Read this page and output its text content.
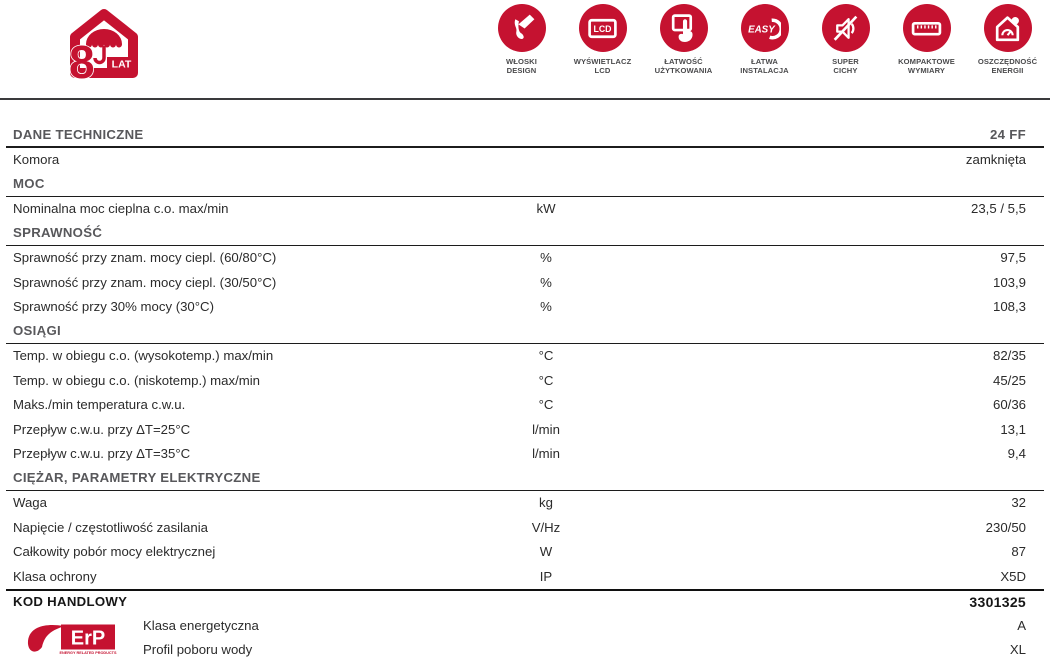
8 LAT	WŁOSKI
DESIGN
LCD
WYŚWIETLACZ
LCD
ŁATWOŚĆ
UŻYTKOWANIA
EASY
ŁATWA
INSTALACJA
SUPER
CICHY
KOMPAKTOWE
WYMIARY
OSZCZĘDNOŚĆ
ENERGII
DANE TECHNICZNE	24 FF
Komora	zamknięta
MOC
Nominalna moc cieplna c.o. max/min	kW	23,5 / 5,5
SPRAWNOŚĆ
Sprawność przy znam. mocy ciepl. (60/80°C)	%	97,5
Sprawność przy znam. mocy ciepl. (30/50°C)	%	103,9
Sprawność przy 30% mocy (30°C)	%	108,3
OSIĄGI
Temp. w obiegu c.o. (wysokotemp.) max/min	°C	82/35
Temp. w obiegu c.o. (niskotemp.) max/min	°C	45/25
Maks./min temperatura c.w.u.	°C	60/36
Przepływ c.w.u. przy ΔT=25°C	l/min	13,1
Przepływ c.w.u. przy ΔT=35°C	l/min	9,4
CIĘŻAR, PARAMETRY ELEKTRYCZNE
Waga	kg	32
Napięcie / częstotliwość zasilania	V/Hz	230/50
Całkowity pobór mocy elektrycznej	W	87
Klasa ochrony	IP	X5D
KOD HANDLOWY	3301325
Klasa energetyczna	A
Profil poboru wody	XL
ErP
ENERGY RELATED PRODUCTS
